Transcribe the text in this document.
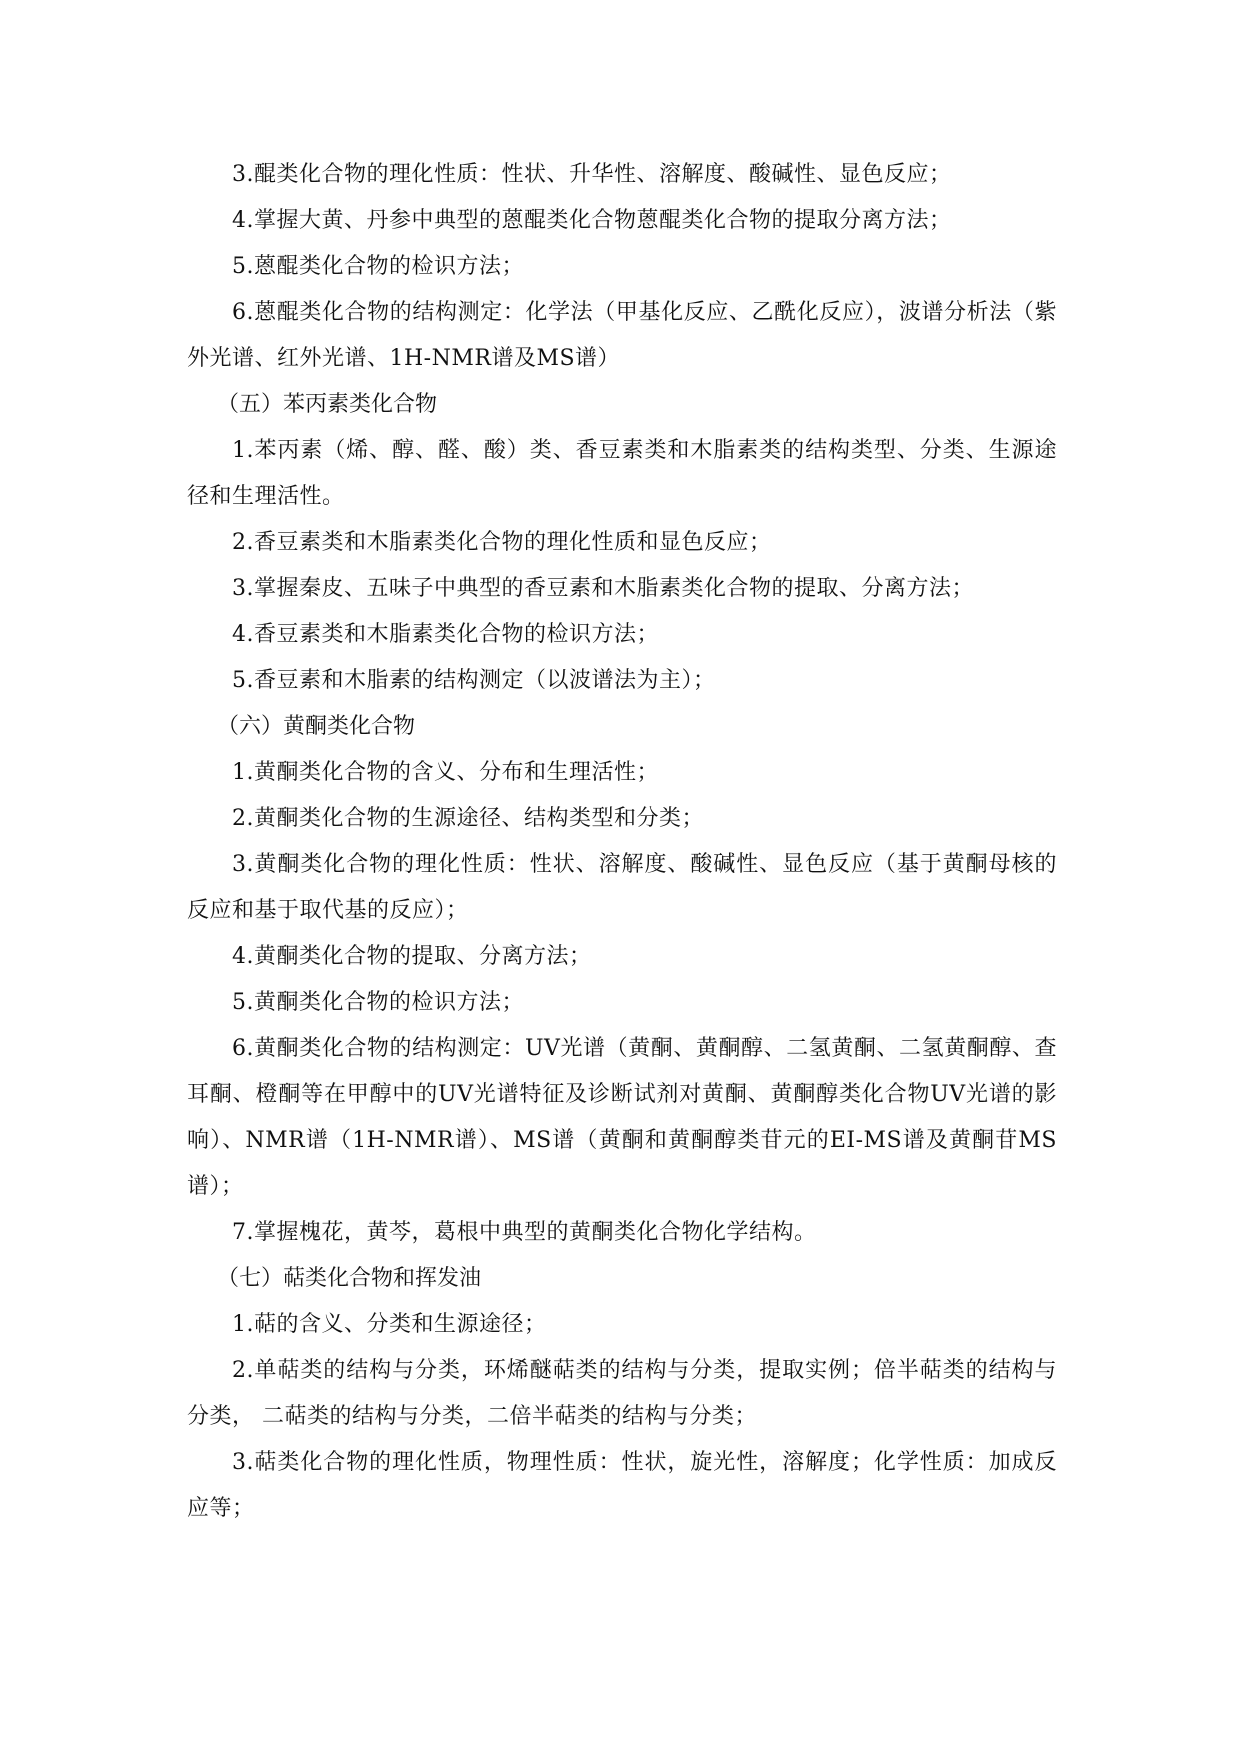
3.醌类化合物的理化性质：性状、升华性、溶解度、酸碱性、显色反应；

4.掌握大黄、丹参中典型的蒽醌类化合物蒽醌类化合物的提取分离方法；

5.蒽醌类化合物的检识方法；

6.蒽醌类化合物的结构测定：化学法（甲基化反应、乙酰化反应），波谱分析法（紫外光谱、红外光谱、1H-NMR谱及MS谱）

（五）苯丙素类化合物

1.苯丙素（烯、醇、醛、酸）类、香豆素类和木脂素类的结构类型、分类、生源途径和生理活性。

2.香豆素类和木脂素类化合物的理化性质和显色反应；

3.掌握秦皮、五味子中典型的香豆素和木脂素类化合物的提取、分离方法；

4.香豆素类和木脂素类化合物的检识方法；

5.香豆素和木脂素的结构测定（以波谱法为主）；

（六）黄酮类化合物

1.黄酮类化合物的含义、分布和生理活性；

2.黄酮类化合物的生源途径、结构类型和分类；

3.黄酮类化合物的理化性质：性状、溶解度、酸碱性、显色反应（基于黄酮母核的反应和基于取代基的反应）；

4.黄酮类化合物的提取、分离方法；

5.黄酮类化合物的检识方法；

6.黄酮类化合物的结构测定：UV光谱（黄酮、黄酮醇、二氢黄酮、二氢黄酮醇、查耳酮、橙酮等在甲醇中的UV光谱特征及诊断试剂对黄酮、黄酮醇类化合物UV光谱的影响）、NMR谱（1H-NMR谱）、MS谱（黄酮和黄酮醇类苷元的EI-MS谱及黄酮苷MS谱）；

7.掌握槐花，黄芩，葛根中典型的黄酮类化合物化学结构。

（七）萜类化合物和挥发油

1.萜的含义、分类和生源途径；

2.单萜类的结构与分类，环烯醚萜类的结构与分类，提取实例；倍半萜类的结构与分类， 二萜类的结构与分类，二倍半萜类的结构与分类；

3.萜类化合物的理化性质，物理性质：性状，旋光性，溶解度；化学性质：加成反应等；
